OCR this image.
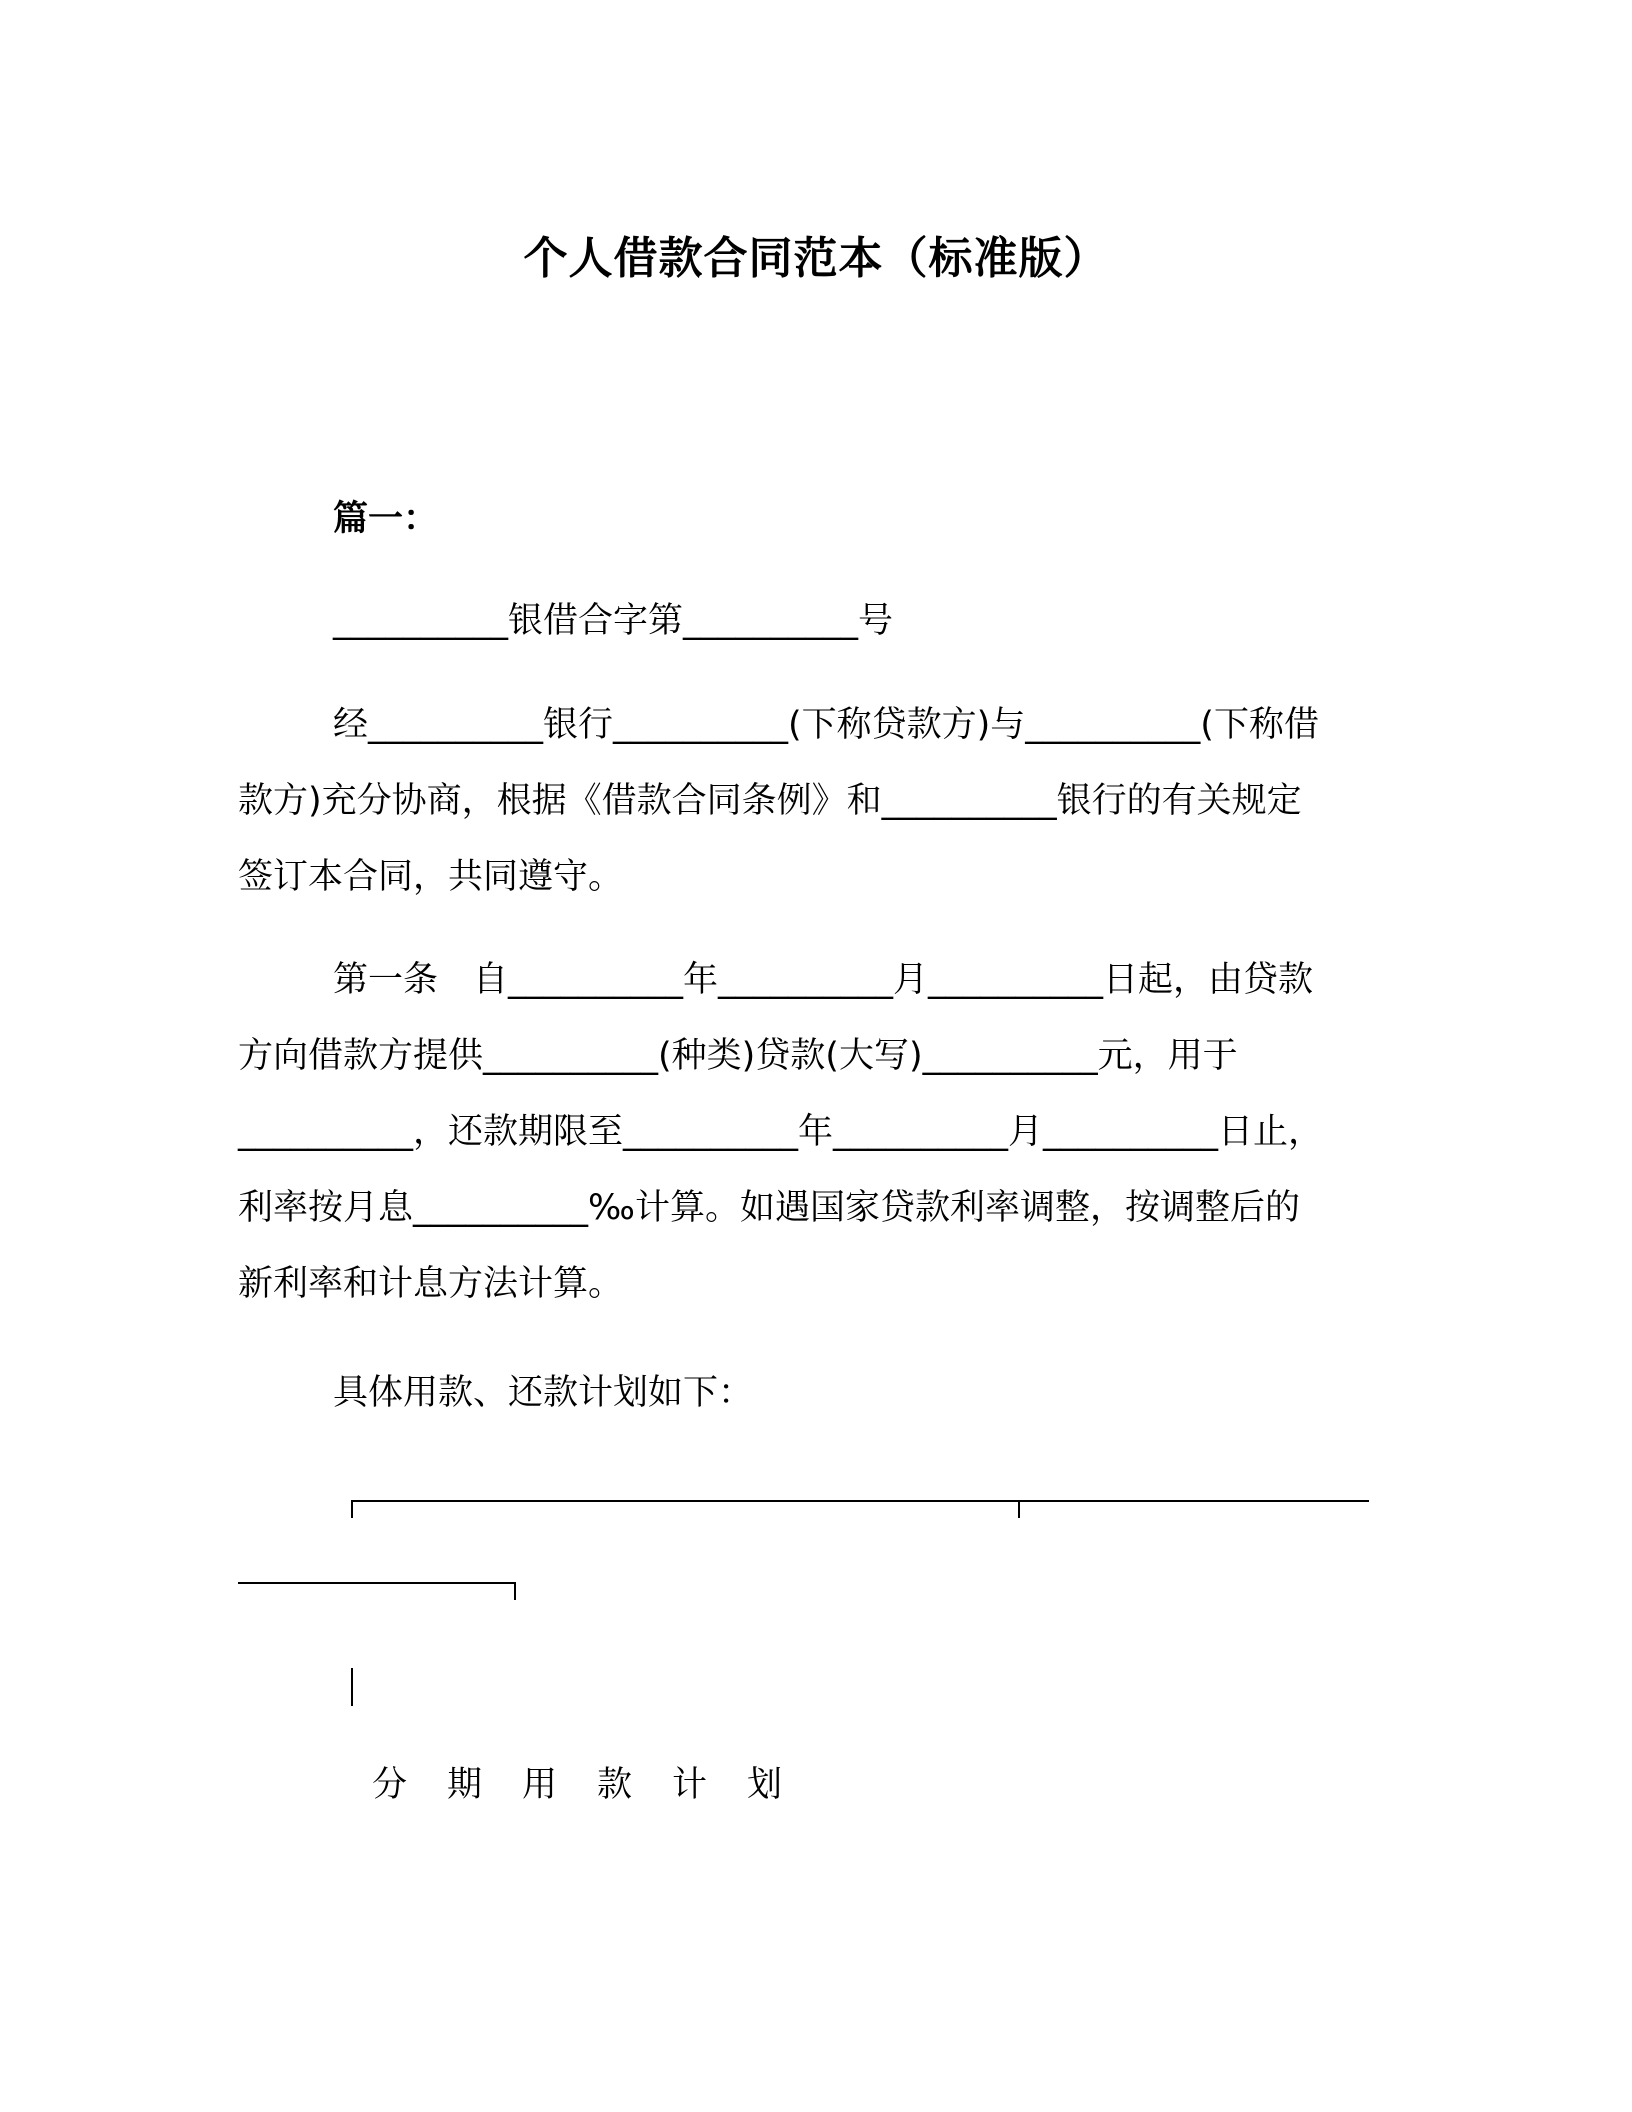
个人借款合同范本（标准版）
篇一：
__________银借合字第__________号
经__________银行__________(下称贷款方)与__________(下称借
款方)充分协商，根据《借款合同条例》和__________银行的有关规定
签订本合同，共同遵守。
第一条　自__________年__________月__________日起，由贷款
方向借款方提供__________(种类)贷款(大写)__________元，用于
__________，还款期限至__________年__________月__________日止，
利率按月息__________‰计算。如遇国家贷款利率调整，按调整后的
新利率和计息方法计算。
具体用款、还款计划如下：
分期用款计划
